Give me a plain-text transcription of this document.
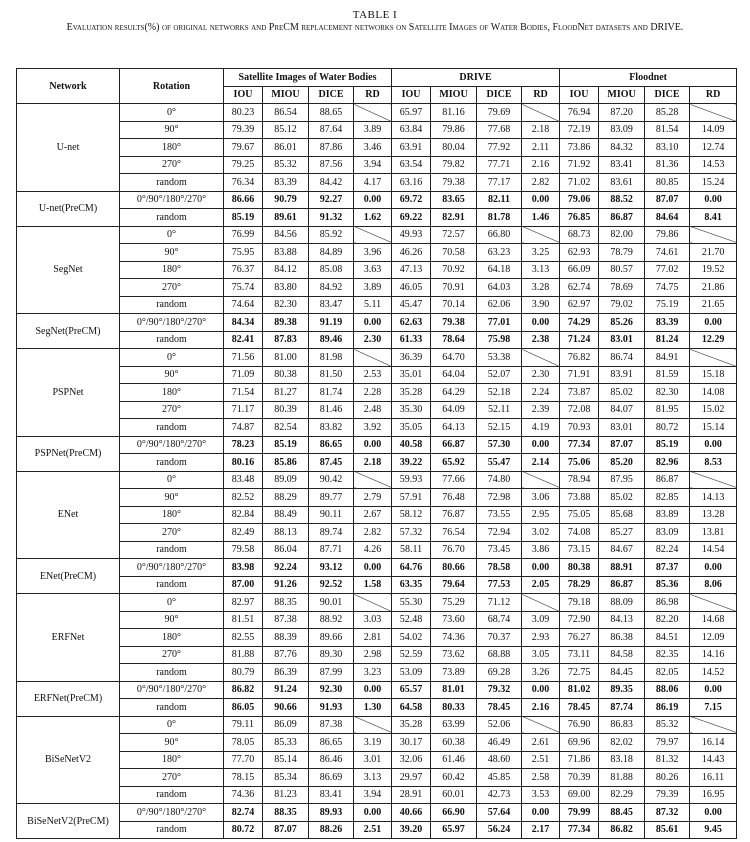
TABLE I
Evaluation results(%) of original networks and PreCM replacement networks on Satellite Images of Water Bodies, FloodNet datasets and DRIVE.
Network	Rotation	Satellite Images of Water Bodies				DRIVE				Floodnet			
		IOU	MIOU	DICE	RD	IOU	MIOU	DICE	RD	IOU	MIOU	DICE	RD
U-net	0°	80.23	86.54	88.65		65.97	81.16	79.69		76.94	87.20	85.28	
	90°	79.39	85.12	87.64	3.89	63.84	79.86	77.68	2.18	72.19	83.09	81.54	14.09
	180°	79.67	86.01	87.86	3.46	63.91	80.04	77.92	2.11	73.86	84.32	83.10	12.74
	270°	79.25	85.32	87.56	3.94	63.54	79.82	77.71	2.16	71.92	83.41	81.36	14.53
	random	76.34	83.39	84.42	4.17	63.16	79.38	77.17	2.82	71.02	83.61	80.85	15.24
U-net(PreCM)	0°/90°/180°/270°	86.66	90.79	92.27	0.00	69.72	83.65	82.11	0.00	79.06	88.52	87.07	0.00
	random	85.19	89.61	91.32	1.62	69.22	82.91	81.78	1.46	76.85	86.87	84.64	8.41
SegNet	0°	76.99	84.56	85.92		49.93	72.57	66.80		68.73	82.00	79.86	
	90°	75.95	83.88	84.89	3.96	46.26	70.58	63.23	3.25	62.93	78.79	74.61	21.70
	180°	76.37	84.12	85.08	3.63	47.13	70.92	64.18	3.13	66.09	80.57	77.02	19.52
	270°	75.74	83.80	84.92	3.89	46.05	70.91	64.03	3.28	62.74	78.69	74.75	21.86
	random	74.64	82.30	83.47	5.11	45.47	70.14	62.06	3.90	62.97	79.02	75.19	21.65
SegNet(PreCM)	0°/90°/180°/270°	84.34	89.38	91.19	0.00	62.63	79.38	77.01	0.00	74.29	85.26	83.39	0.00
	random	82.41	87.83	89.46	2.30	61.33	78.64	75.98	2.38	71.24	83.01	81.24	12.29
PSPNet	0°	71.56	81.00	81.98		36.39	64.70	53.38		76.82	86.74	84.91	
	90°	71.09	80.38	81.50	2.53	35.01	64.04	52.07	2.30	71.91	83.91	81.59	15.18
	180°	71.54	81.27	81.74	2.28	35.28	64.29	52.18	2.24	73.87	85.02	82.30	14.08
	270°	71.17	80.39	81.46	2.48	35.30	64.09	52.11	2.39	72.08	84.07	81.95	15.02
	random	74.87	82.54	83.82	3.92	35.05	64.13	52.15	4.19	70.93	83.01	80.72	15.14
PSPNet(PreCM)	0°/90°/180°/270°	78.23	85.19	86.65	0.00	40.58	66.87	57.30	0.00	77.34	87.07	85.19	0.00
	random	80.16	85.86	87.45	2.18	39.22	65.92	55.47	2.14	75.06	85.20	82.96	8.53
ENet	0°	83.48	89.09	90.42		59.93	77.66	74.80		78.94	87.95	86.87	
	90°	82.52	88.29	89.77	2.79	57.91	76.48	72.98	3.06	73.88	85.02	82.85	14.13
	180°	82.84	88.49	90.11	2.67	58.12	76.87	73.55	2.95	75.05	85.68	83.89	13.28
	270°	82.49	88.13	89.74	2.82	57.32	76.54	72.94	3.02	74.08	85.27	83.09	13.81
	random	79.58	86.04	87.71	4.26	58.11	76.70	73.45	3.86	73.15	84.67	82.24	14.54
ENet(PreCM)	0°/90°/180°/270°	83.98	92.24	93.12	0.00	64.76	80.66	78.58	0.00	80.38	88.91	87.37	0.00
	random	87.00	91.26	92.52	1.58	63.35	79.64	77.53	2.05	78.29	86.87	85.36	8.06
ERFNet	0°	82.97	88.35	90.01		55.30	75.29	71.12		79.18	88.09	86.98	
	90°	81.51	87.38	88.92	3.03	52.48	73.60	68.74	3.09	72.90	84.13	82.20	14.68
	180°	82.55	88.39	89.66	2.81	54.02	74.36	70.37	2.93	76.27	86.38	84.51	12.09
	270°	81.88	87.76	89.30	2.98	52.59	73.62	68.88	3.05	73.11	84.58	82.35	14.16
	random	80.79	86.39	87.99	3.23	53.09	73.89	69.28	3.26	72.75	84.45	82.05	14.52
ERFNet(PreCM)	0°/90°/180°/270°	86.82	91.24	92.30	0.00	65.57	81.01	79.32	0.00	81.02	89.35	88.06	0.00
	random	86.05	90.66	91.93	1.30	64.58	80.33	78.45	2.16	78.45	87.74	86.19	7.15
BiSeNetV2	0°	79.11	86.09	87.38		35.28	63.99	52.06		76.90	86.83	85.32	
	90°	78.05	85.33	86.65	3.19	30.17	60.38	46.49	2.61	69.96	82.02	79.97	16.14
	180°	77.70	85.14	86.46	3.01	32.06	61.46	48.60	2.51	71.86	83.18	81.32	14.43
	270°	78.15	85.34	86.69	3.13	29.97	60.42	45.85	2.58	70.39	81.88	80.26	16.11
	random	74.36	81.23	83.41	3.94	28.91	60.01	42.73	3.53	69.00	82.29	79.39	16.95
BiSeNetV2(PreCM)	0°/90°/180°/270°	82.74	88.35	89.93	0.00	40.66	66.90	57.64	0.00	79.99	88.45	87.32	0.00
	random	80.72	87.07	88.26	2.51	39.20	65.97	56.24	2.17	77.34	86.82	85.61	9.45
